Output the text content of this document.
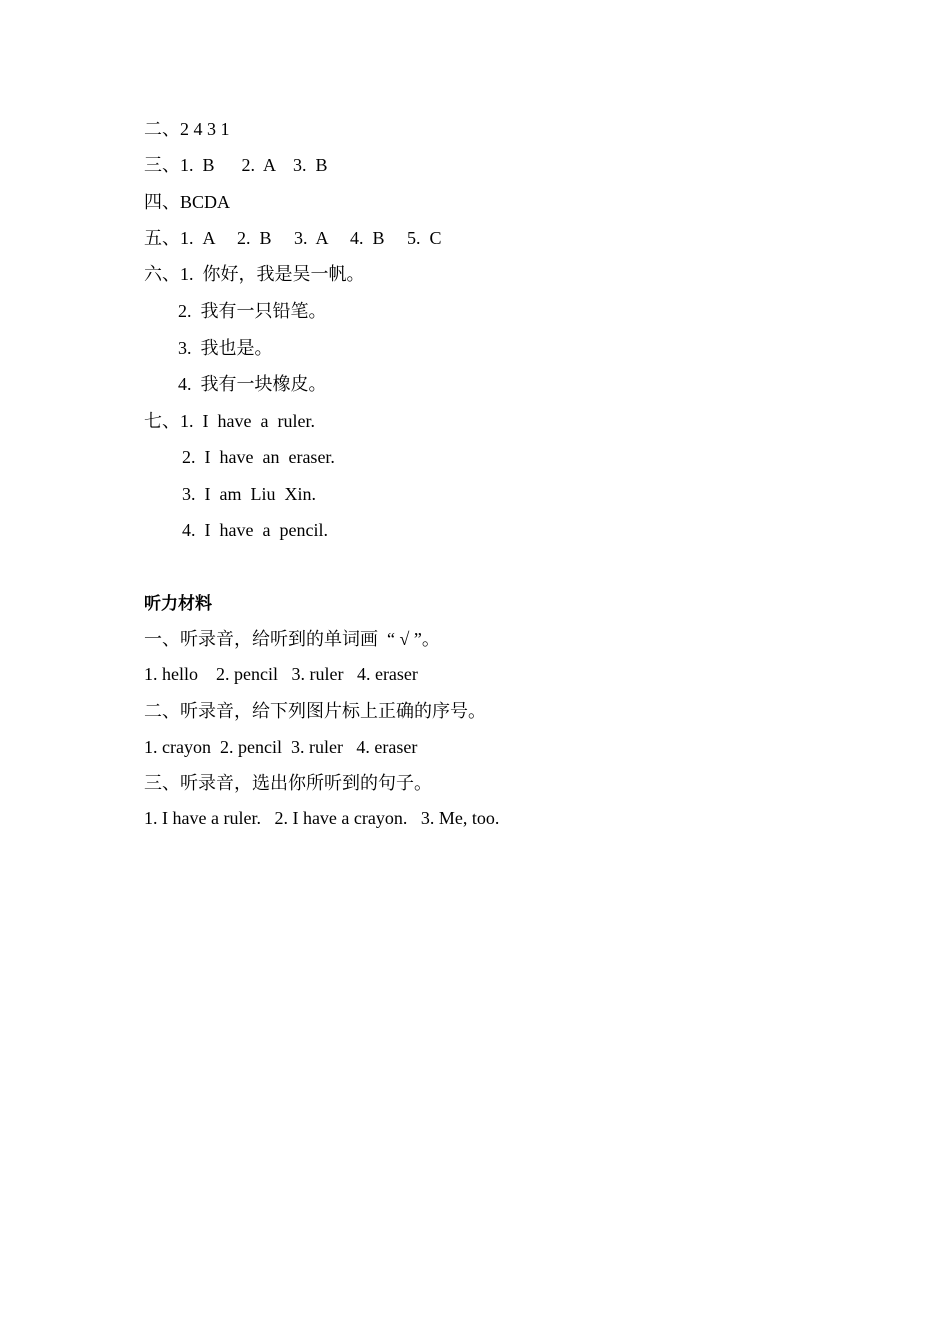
二、2 4 3 1
三、1.  B      2.  A    3.  B
四、BCDA
五、1.  A     2.  B     3.  A     4.  B     5.  C
六、1.  你好，我是吴一帆。
2.  我有一只铅笔。
3.  我也是。
4.  我有一块橡皮。
七、1.  I  have  a  ruler.
2.  I  have  an  eraser.
3.  I  am  Liu  Xin.
4.  I  have  a  pencil.
听力材料
一、听录音，给听到的单词画  “ √ ”。
1. hello    2. pencil   3. ruler   4. eraser
二、听录音，给下列图片标上正确的序号。
1. crayon  2. pencil  3. ruler   4. eraser
三、听录音，选出你所听到的句子。
1. I have a ruler.   2. I have a crayon.   3. Me, too.
